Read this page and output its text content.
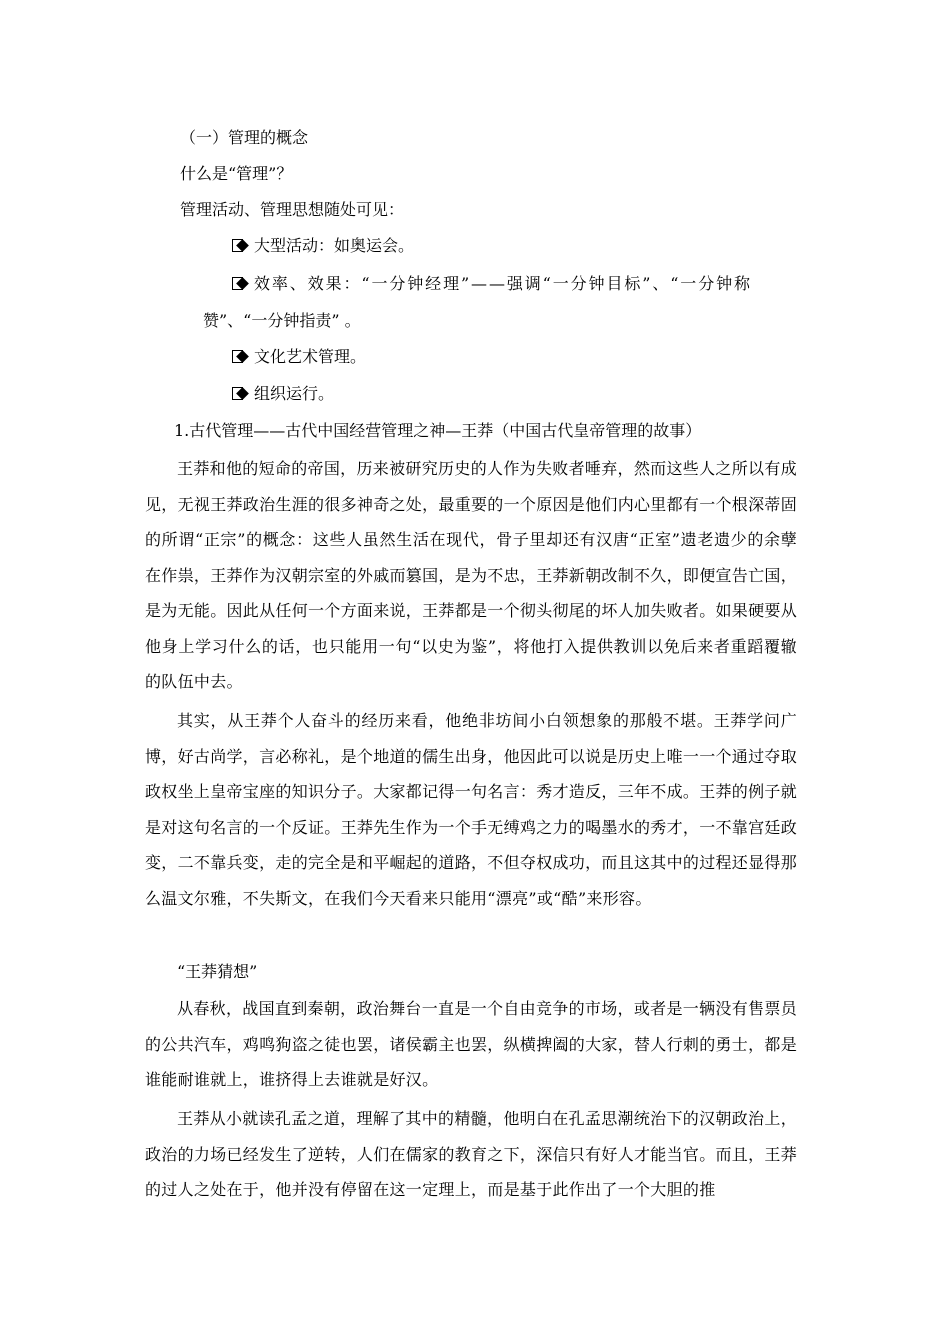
（一）管理的概念
什么是“管理”？
管理活动、管理思想随处可见：
大型活动：如奥运会。
效率、效果：“一分钟经理”——强调“一分钟目标”、“一分钟称
赞”、“一分钟指责” 。
文化艺术管理。
组织运行。
1.古代管理——古代中国经营管理之神—王莽（中国古代皇帝管理的故事）
王莽和他的短命的帝国，历来被研究历史的人作为失败者唾弃，然而这些人之所以有成见，无视王莽政治生涯的很多神奇之处，最重要的一个原因是他们内心里都有一个根深蒂固的所谓“正宗”的概念：这些人虽然生活在现代，骨子里却还有汉唐“正室”遗老遗少的余孽在作祟，王莽作为汉朝宗室的外戚而篡国，是为不忠，王莽新朝改制不久，即便宣告亡国，是为无能。因此从任何一个方面来说，王莽都是一个彻头彻尾的坏人加失败者。如果硬要从他身上学习什么的话，也只能用一句“以史为鉴”，将他打入提供教训以免后来者重蹈覆辙的队伍中去。
其实，从王莽个人奋斗的经历来看，他绝非坊间小白领想象的那般不堪。王莽学问广博，好古尚学，言必称礼，是个地道的儒生出身，他因此可以说是历史上唯一一个通过夺取政权坐上皇帝宝座的知识分子。大家都记得一句名言：秀才造反，三年不成。王莽的例子就是对这句名言的一个反证。王莽先生作为一个手无缚鸡之力的喝墨水的秀才，一不靠宫廷政变，二不靠兵变，走的完全是和平崛起的道路，不但夺权成功，而且这其中的过程还显得那么温文尔雅，不失斯文，在我们今天看来只能用“漂亮”或“酷”来形容。
“王莽猜想”
从春秋，战国直到秦朝，政治舞台一直是一个自由竞争的市场，或者是一辆没有售票员的公共汽车，鸡鸣狗盗之徒也罢，诸侯霸主也罢，纵横捭阖的大家，替人行刺的勇士，都是谁能耐谁就上，谁挤得上去谁就是好汉。
王莽从小就读孔孟之道，理解了其中的精髓，他明白在孔孟思潮统治下的汉朝政治上，政治的力场已经发生了逆转，人们在儒家的教育之下，深信只有好人才能当官。而且，王莽的过人之处在于，他并没有停留在这一定理上，而是基于此作出了一个大胆的推
